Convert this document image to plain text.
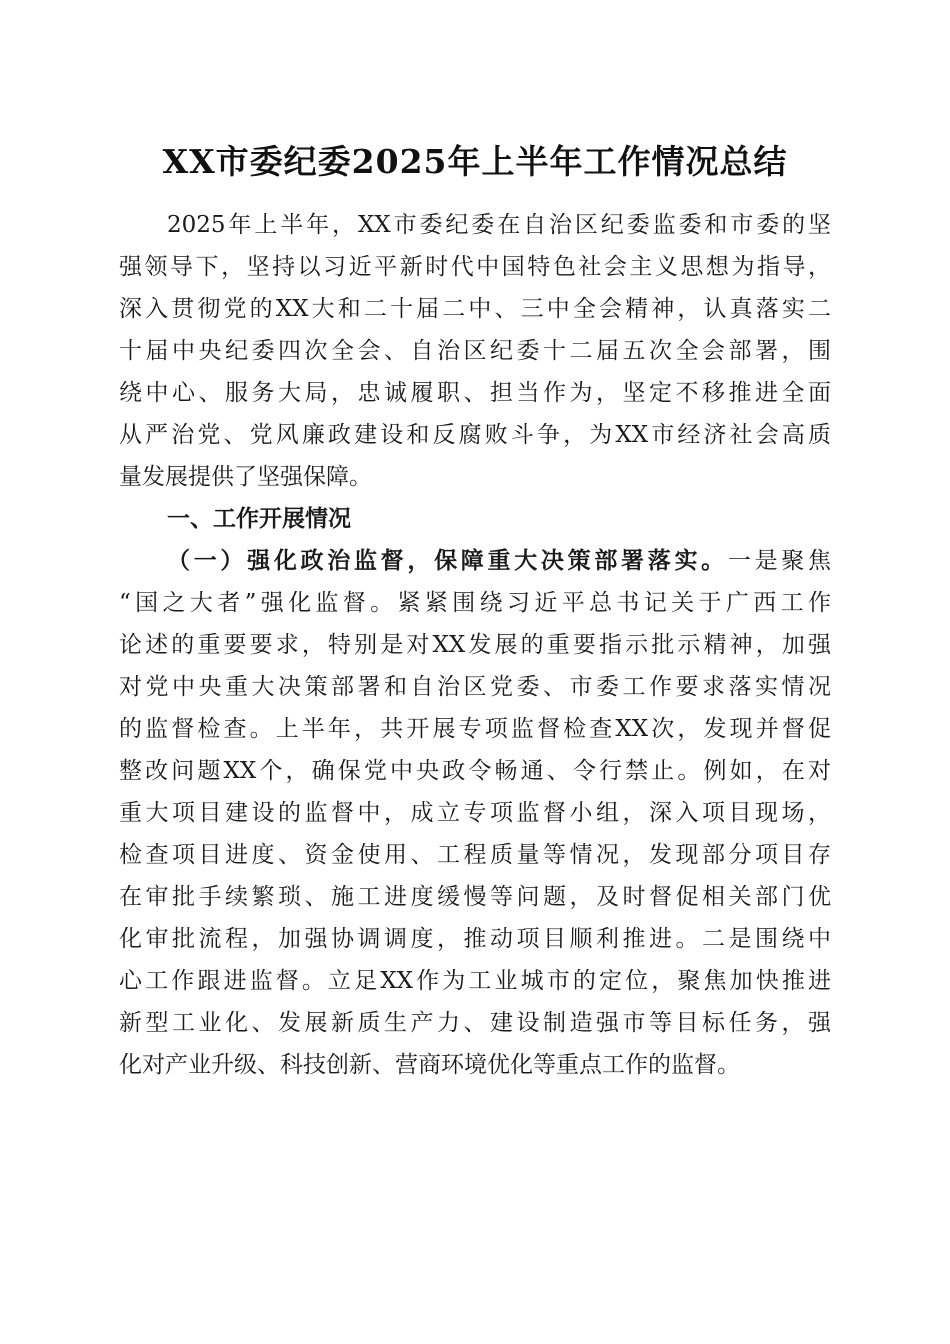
XX市委纪委2025年上半年工作情况总结
2025年上半年，XX市委纪委在自治区纪委监委和市委的坚
强领导下，坚持以习近平新时代中国特色社会主义思想为指导，
深入贯彻党的XX大和二十届二中、三中全会精神，认真落实二
十届中央纪委四次全会、自治区纪委十二届五次全会部署，围
绕中心、服务大局，忠诚履职、担当作为，坚定不移推进全面
从严治党、党风廉政建设和反腐败斗争，为XX市经济社会高质
量发展提供了坚强保障。
一、工作开展情况
（一）强化政治监督，保障重大决策部署落实。一是聚焦
“国之大者”强化监督。紧紧围绕习近平总书记关于广西工作
论述的重要要求，特别是对XX发展的重要指示批示精神，加强
对党中央重大决策部署和自治区党委、市委工作要求落实情况
的监督检查。上半年，共开展专项监督检查XX次，发现并督促
整改问题XX个，确保党中央政令畅通、令行禁止。例如，在对
重大项目建设的监督中，成立专项监督小组，深入项目现场，
检查项目进度、资金使用、工程质量等情况，发现部分项目存
在审批手续繁琐、施工进度缓慢等问题，及时督促相关部门优
化审批流程，加强协调调度，推动项目顺利推进。二是围绕中
心工作跟进监督。立足XX作为工业城市的定位，聚焦加快推进
新型工业化、发展新质生产力、建设制造强市等目标任务，强
化对产业升级、科技创新、营商环境优化等重点工作的监督。
